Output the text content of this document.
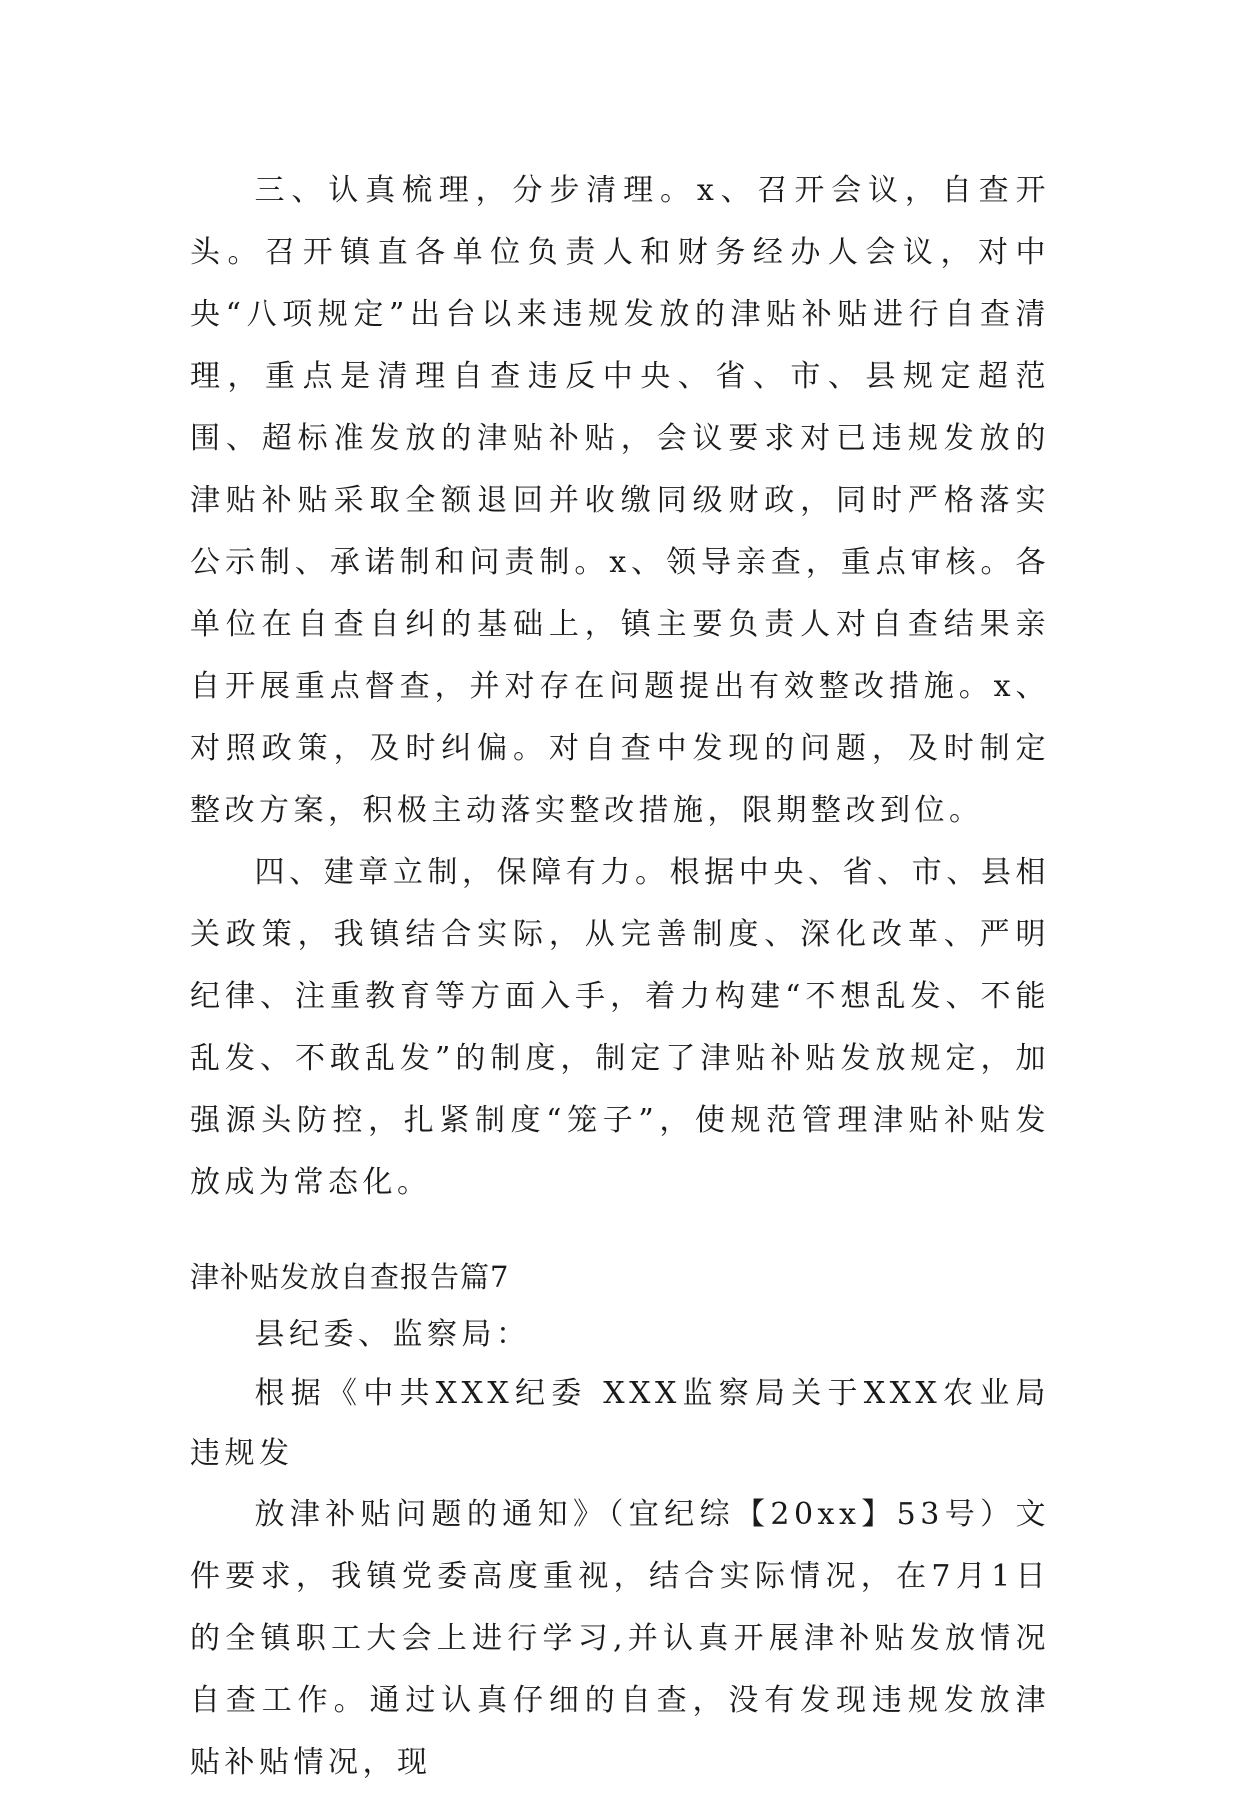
三、认真梳理，分步清理。x、召开会议，自查开头。召开镇直各单位负责人和财务经办人会议，对中央“八项规定”出台以来违规发放的津贴补贴进行自查清理，重点是清理自查违反中央、省、市、县规定超范围、超标准发放的津贴补贴，会议要求对已违规发放的津贴补贴采取全额退回并收缴同级财政，同时严格落实公示制、承诺制和问责制。x、领导亲查，重点审核。各单位在自查自纠的基础上，镇主要负责人对自查结果亲自开展重点督查，并对存在问题提出有效整改措施。x、对照政策，及时纠偏。对自查中发现的问题，及时制定整改方案，积极主动落实整改措施，限期整改到位。

四、建章立制，保障有力。根据中央、省、市、县相关政策，我镇结合实际，从完善制度、深化改革、严明纪律、注重教育等方面入手，着力构建“不想乱发、不能乱发、不敢乱发”的制度，制定了津贴补贴发放规定，加强源头防控，扎紧制度“笼子”，使规范管理津贴补贴发放成为常态化。

津补贴发放自查报告篇7

县纪委、监察局：

根据《中共XXX纪委 XXX监察局关于XXX农业局违规发

放津补贴问题的通知》（宜纪综【20xx】53号）文件要求，我镇党委高度重视，结合实际情况，在7月1日的全镇职工大会上进行学习,并认真开展津补贴发放情况自查工作。通过认真仔细的自查，没有发现违规发放津贴补贴情况，现
